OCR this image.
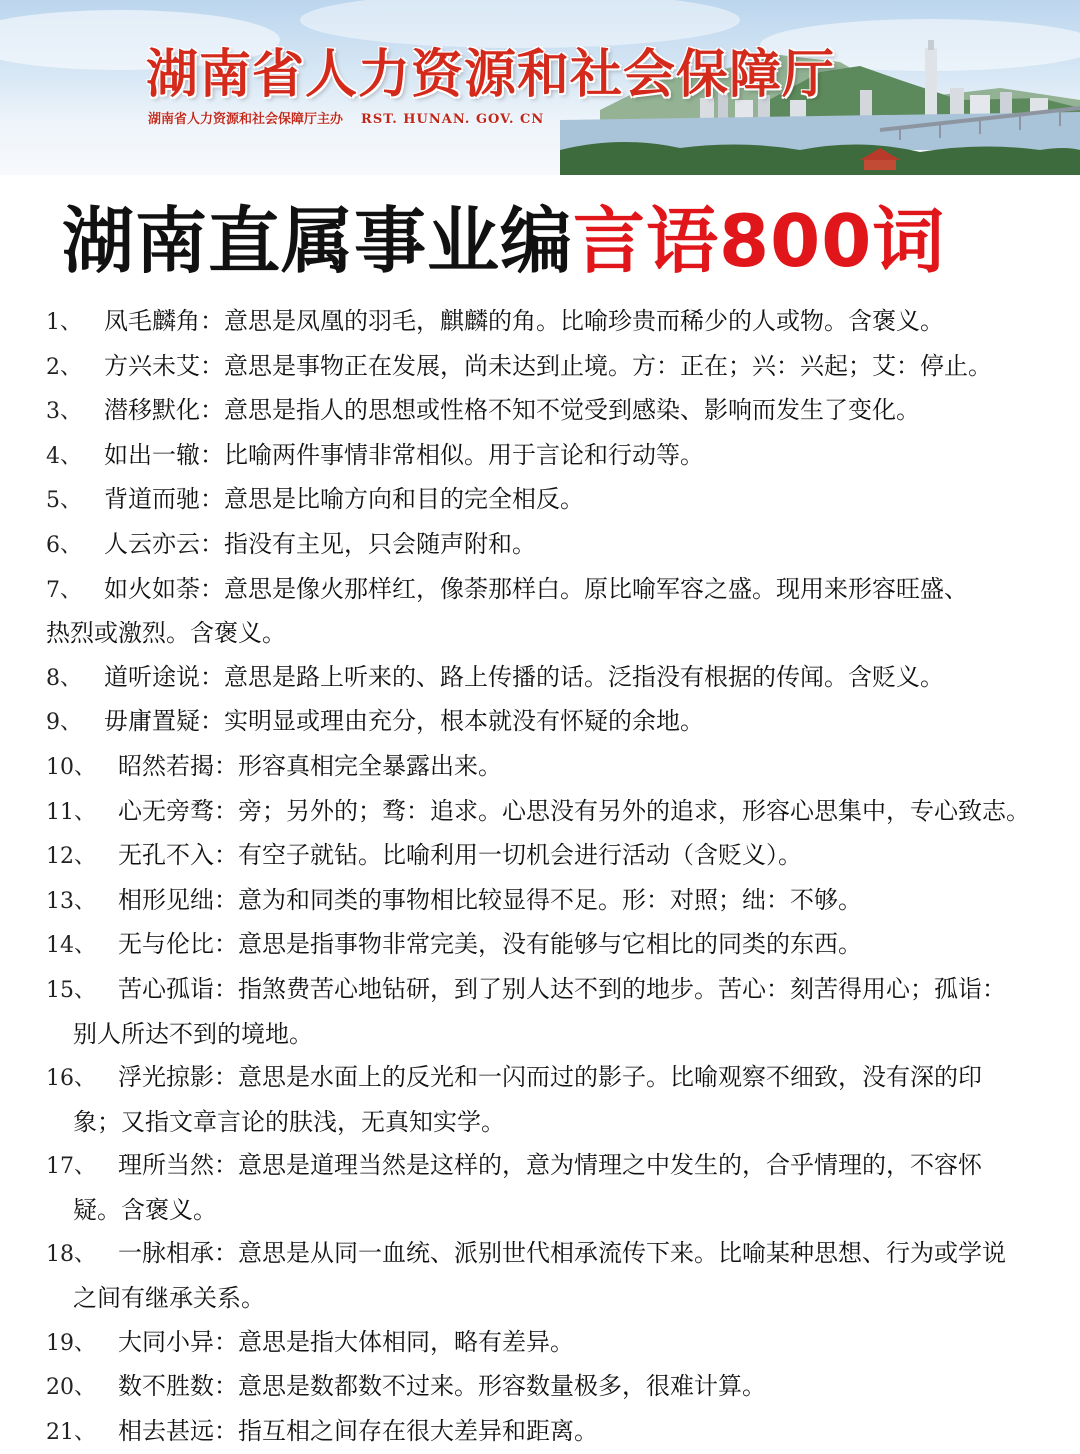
湖南省人力资源和社会保障厅
湖南省人力资源和社会保障厅主办 RST. HUNAN. GOV. CN
湖南直属事业编言语800词
1、 凤毛麟角：意思是凤凰的羽毛，麒麟的角。比喻珍贵而稀少的人或物。含褒义。
2、 方兴未艾：意思是事物正在发展，尚未达到止境。方：正在；兴：兴起；艾：停止。
3、 潜移默化：意思是指人的思想或性格不知不觉受到感染、影响而发生了变化。
4、 如出一辙：比喻两件事情非常相似。用于言论和行动等。
5、 背道而驰：意思是比喻方向和目的完全相反。
6、 人云亦云：指没有主见，只会随声附和。
7、 如火如荼：意思是像火那样红，像荼那样白。原比喻军容之盛。现用来形容旺盛、
热烈或激烈。含褒义。
8、 道听途说：意思是路上听来的、路上传播的话。泛指没有根据的传闻。含贬义。
9、 毋庸置疑：实明显或理由充分，根本就没有怀疑的余地。
10、 昭然若揭：形容真相完全暴露出来。
11、 心无旁骛：旁；另外的；骛：追求。心思没有另外的追求，形容心思集中，专心致志。
12、 无孔不入：有空子就钻。比喻利用一切机会进行活动（含贬义）。
13、 相形见绌：意为和同类的事物相比较显得不足。形：对照；绌：不够。
14、 无与伦比：意思是指事物非常完美，没有能够与它相比的同类的东西。
15、 苦心孤诣：指煞费苦心地钻研，到了别人达不到的地步。苦心：刻苦得用心；孤诣：
别人所达不到的境地。
16、 浮光掠影：意思是水面上的反光和一闪而过的影子。比喻观察不细致，没有深的印
象；又指文章言论的肤浅，无真知实学。
17、 理所当然：意思是道理当然是这样的，意为情理之中发生的，合乎情理的，不容怀
疑。含褒义。
18、 一脉相承：意思是从同一血统、派别世代相承流传下来。比喻某种思想、行为或学说
之间有继承关系。
19、 大同小异：意思是指大体相同，略有差异。
20、 数不胜数：意思是数都数不过来。形容数量极多，很难计算。
21、 相去甚远：指互相之间存在很大差异和距离。
